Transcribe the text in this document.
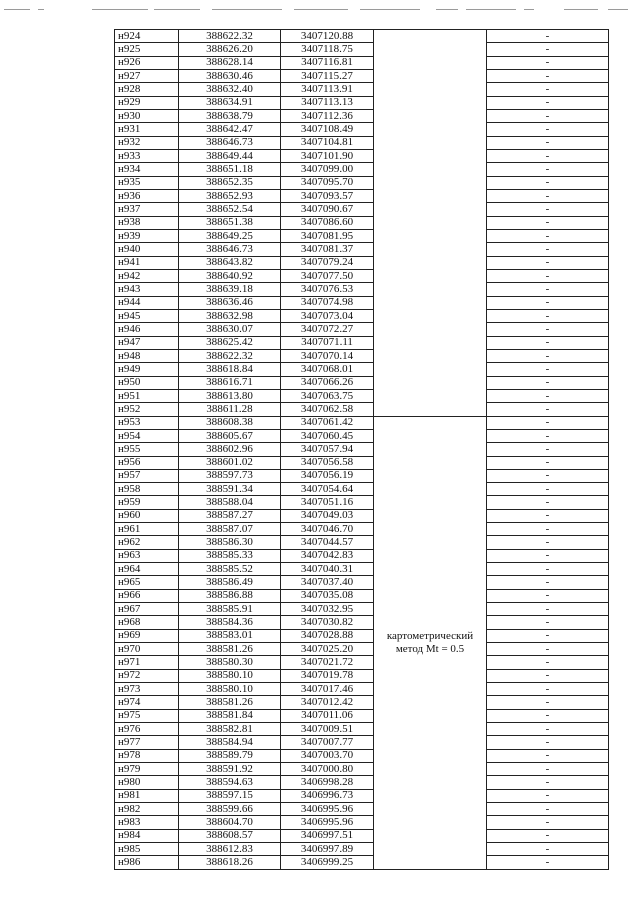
н924	388622.32	3407120.88		-
н925	388626.20	3407118.75		-
н926	388628.14	3407116.81		-
н927	388630.46	3407115.27		-
н928	388632.40	3407113.91		-
н929	388634.91	3407113.13		-
н930	388638.79	3407112.36		-
н931	388642.47	3407108.49		-
н932	388646.73	3407104.81		-
н933	388649.44	3407101.90		-
н934	388651.18	3407099.00		-
н935	388652.35	3407095.70		-
н936	388652.93	3407093.57		-
н937	388652.54	3407090.67		-
н938	388651.38	3407086.60		-
н939	388649.25	3407081.95		-
н940	388646.73	3407081.37		-
н941	388643.82	3407079.24		-
н942	388640.92	3407077.50		-
н943	388639.18	3407076.53		-
н944	388636.46	3407074.98		-
н945	388632.98	3407073.04		-
н946	388630.07	3407072.27		-
н947	388625.42	3407071.11		-
н948	388622.32	3407070.14		-
н949	388618.84	3407068.01		-
н950	388616.71	3407066.26		-
н951	388613.80	3407063.75		-
н952	388611.28	3407062.58		-
н953	388608.38	3407061.42	картометрический метод Mt = 0.5	-
н954	388605.67	3407060.45		-
н955	388602.96	3407057.94		-
н956	388601.02	3407056.58		-
н957	388597.73	3407056.19		-
н958	388591.34	3407054.64		-
н959	388588.04	3407051.16		-
н960	388587.27	3407049.03		-
н961	388587.07	3407046.70		-
н962	388586.30	3407044.57		-
н963	388585.33	3407042.83		-
н964	388585.52	3407040.31		-
н965	388586.49	3407037.40		-
н966	388586.88	3407035.08		-
н967	388585.91	3407032.95		-
н968	388584.36	3407030.82		-
н969	388583.01	3407028.88		-
н970	388581.26	3407025.20		-
н971	388580.30	3407021.72		-
н972	388580.10	3407019.78		-
н973	388580.10	3407017.46		-
н974	388581.26	3407012.42		-
н975	388581.84	3407011.06		-
н976	388582.81	3407009.51		-
н977	388584.94	3407007.77		-
н978	388589.79	3407003.70		-
н979	388591.92	3407000.80		-
н980	388594.63	3406998.28		-
н981	388597.15	3406996.73		-
н982	388599.66	3406995.96		-
н983	388604.70	3406995.96		-
н984	388608.57	3406997.51		-
н985	388612.83	3406997.89		-
н986	388618.26	3406999.25		-
